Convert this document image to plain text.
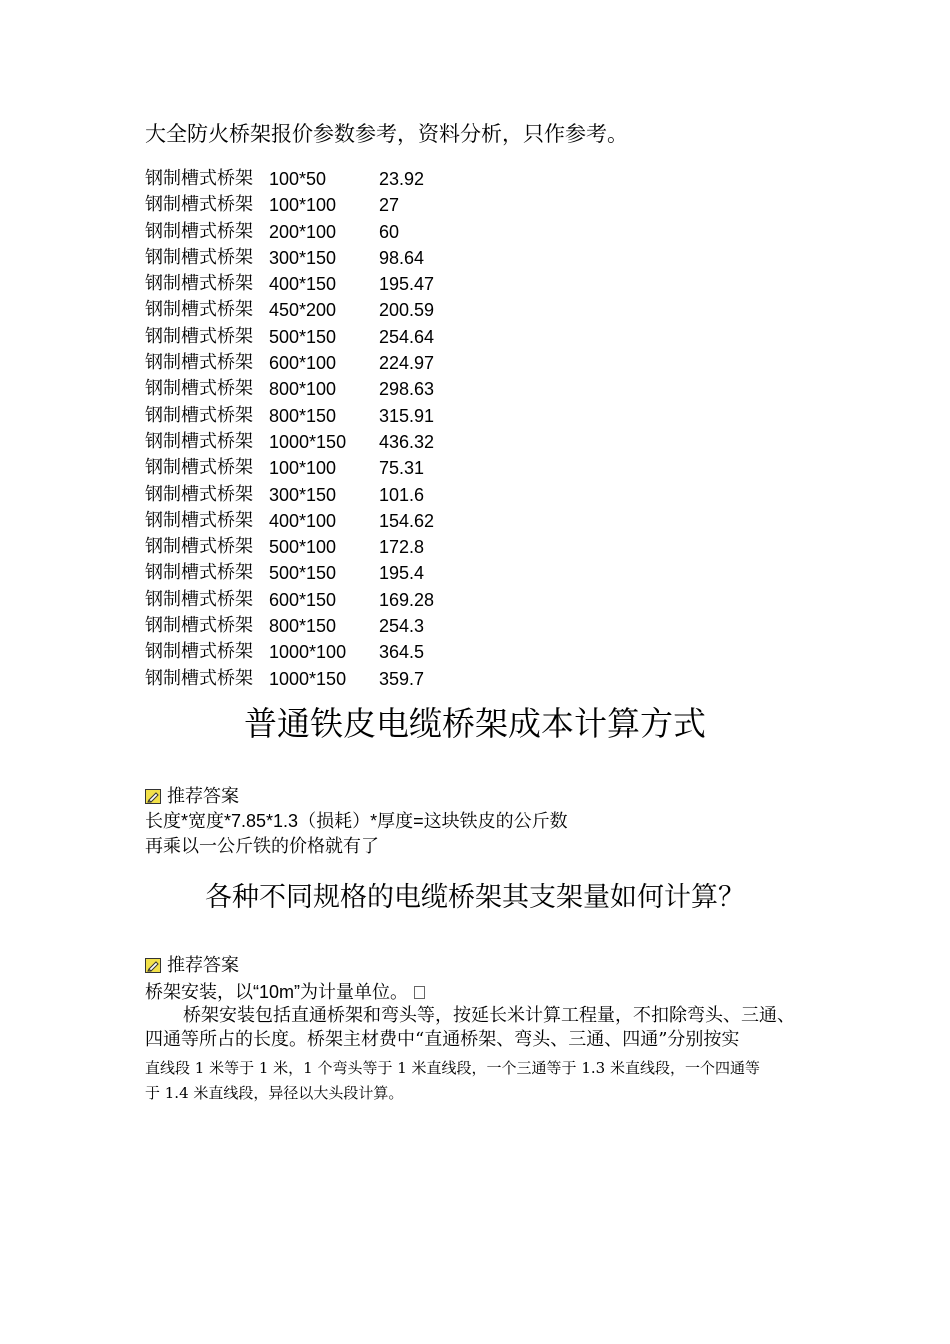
大全防火桥架报价参数参考，资料分析，只作参考。
钢制槽式桥架 100*50	23.92
钢制槽式桥架 100*100 27
钢制槽式桥架 200*100 60
钢制槽式桥架 300*150 98.64
钢制槽式桥架 400*150 195.47
钢制槽式桥架 450*200 200.59
钢制槽式桥架 500*150 254.64
钢制槽式桥架 600*100 224.97
钢制槽式桥架 800*100 298.63
钢制槽式桥架 800*150 315.91
钢制槽式桥架 1000*150 436.32
钢制槽式桥架 100*100 75.31
钢制槽式桥架 300*150 101.6
钢制槽式桥架 400*100 154.62
钢制槽式桥架 500*100 172.8
钢制槽式桥架 500*150 195.4
钢制槽式桥架 600*150 169.28
钢制槽式桥架 800*150 254.3
钢制槽式桥架 1000*100 364.5
钢制槽式桥架 1000*150 359.7
普通铁皮电缆桥架成本计算方式
推荐答案
长度*宽度*7.85*1.3（损耗）*厚度=这块铁皮的公斤数
再乘以一公斤铁的价格就有了
各种不同规格的电缆桥架其支架量如何计算？
推荐答案
桥架安装，以“10m”为计量单位。
桥架安装包括直通桥架和弯头等，按延长米计算工程量，不扣除弯头、三通、
四通等所占的长度。桥架主材费中“直通桥架、弯头、三通、四通”分别按实
直线段 1 米等于 1 米，1 个弯头等于 1 米直线段，一个三通等于 1.3 米直线段，一个四通等
于 1.4 米直线段，异径以大头段计算。
